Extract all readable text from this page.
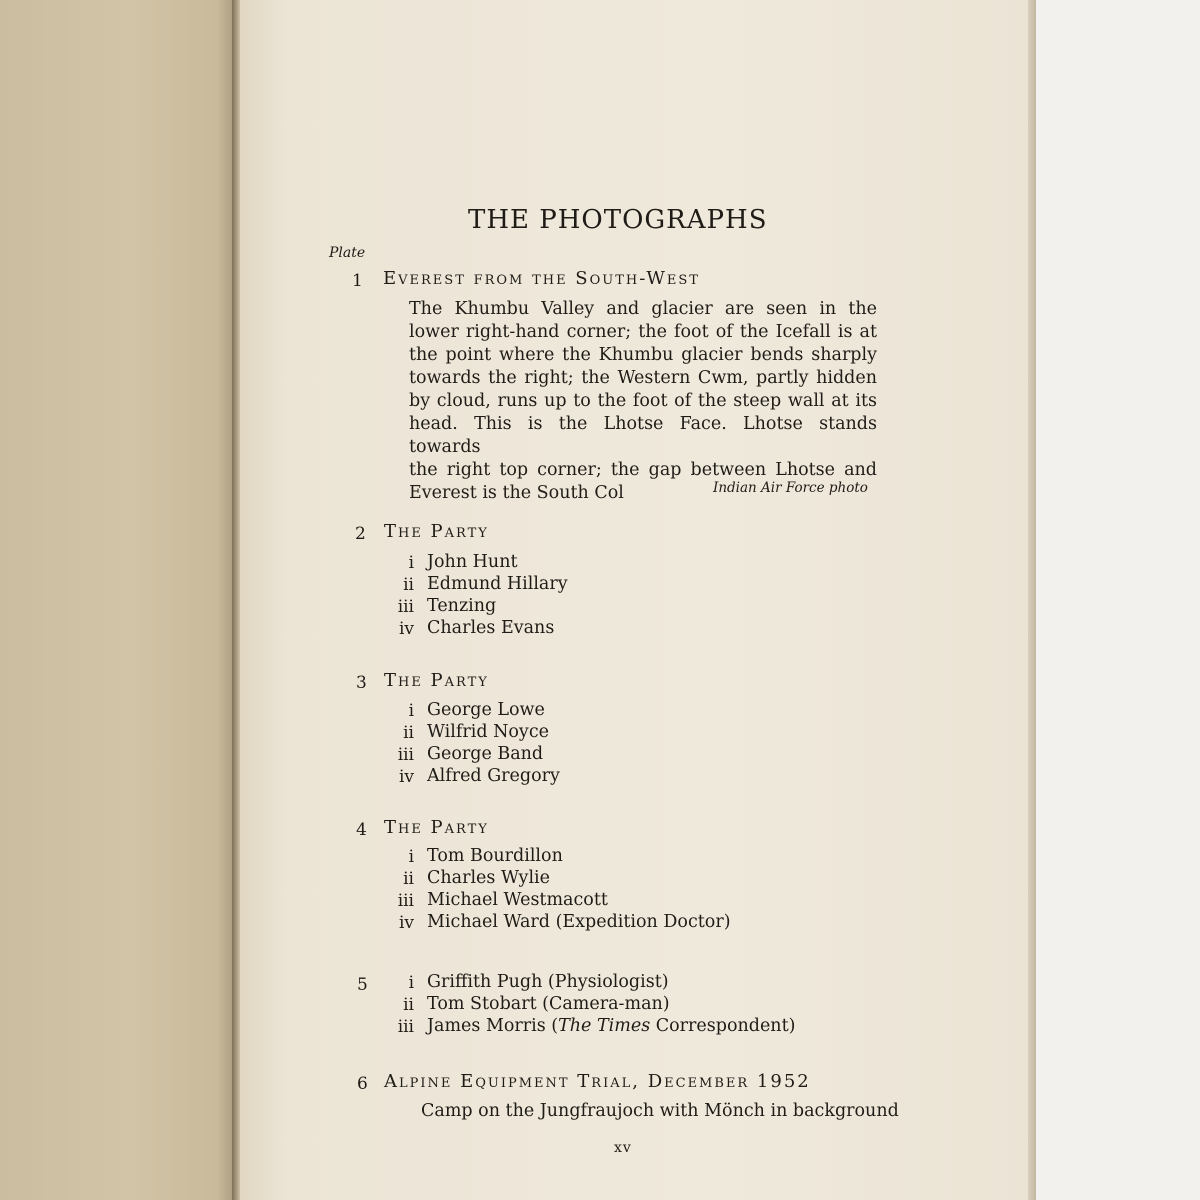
THE PHOTOGRAPHS
Plate
1 Everest from the South-West
The Khumbu Valley and glacier are seen in the
lower right-hand corner; the foot of the Icefall is at
the point where the Khumbu glacier bends sharply
towards the right; the Western Cwm, partly hidden
by cloud, runs up to the foot of the steep wall at its
head. This is the Lhotse Face. Lhotse stands towards
the right top corner; the gap between Lhotse and
Everest is the South Col	Indian Air Force photo
2 The Party
i John Hunt
ii Edmund Hillary
iii Tenzing
iv Charles Evans
3 The Party
i George Lowe
ii Wilfrid Noyce
iii George Band
iv Alfred Gregory
4 The Party
i Tom Bourdillon
ii Charles Wylie
iii Michael Westmacott
iv Michael Ward (Expedition Doctor)
5	i Griffith Pugh (Physiologist)
ii Tom Stobart (Camera-man)
iii James Morris (The Times Correspondent)
6 Alpine Equipment Trial, December 1952
Camp on the Jungfraujoch with Mönch in background
xv
